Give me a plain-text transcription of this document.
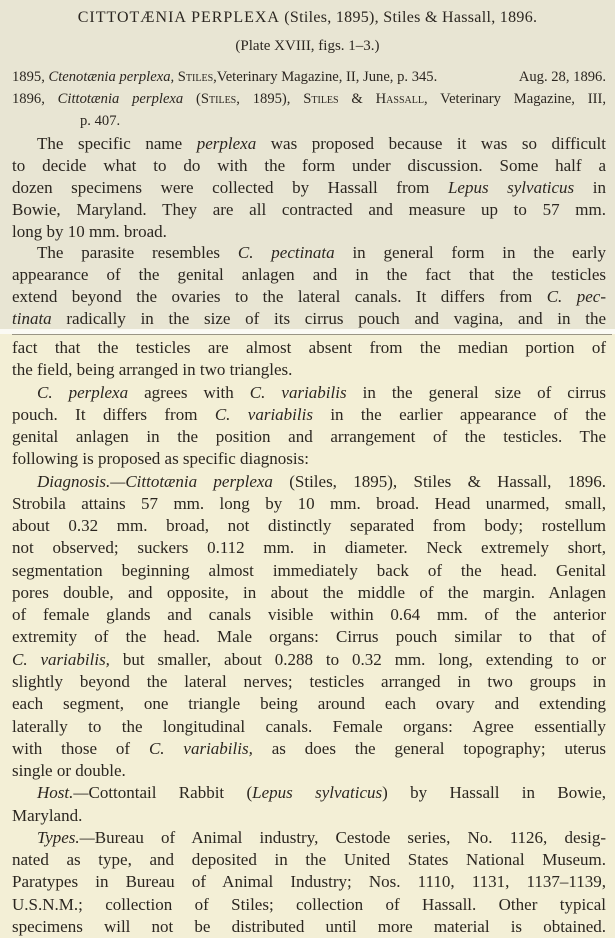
CITTOTÆNIA PERPLEXA (Stiles, 1895), Stiles & Hassall, 1896.
(Plate XVIII, figs. 1–3.)
Aug. 28, 1896.
1895, Ctenotænia perplexa, Stiles,Veterinary Magazine, II, June, p. 345.
1896, Cittotænia perplexa (Stiles, 1895), Stiles & Hassall, Veterinary Magazine, III,
p. 407.
The specific name perplexa was proposed because it was so difficult
to decide what to do with the form under discussion. Some half a
dozen specimens were collected by Hassall from Lepus sylvaticus in
Bowie, Maryland. They are all contracted and measure up to 57 mm.
long by 10 mm. broad.
The parasite resembles C. pectinata in general form in the early
appearance of the genital anlagen and in the fact that the testicles
extend beyond the ovaries to the lateral canals. It differs from C. pec-
tinata radically in the size of its cirrus pouch and vagina, and in the
fact that the testicles are almost absent from the median portion of
the field, being arranged in two triangles.
C. perplexa agrees with C. variabilis in the general size of cirrus
pouch. It differs from C. variabilis in the earlier appearance of the
genital anlagen in the position and arrangement of the testicles. The
following is proposed as specific diagnosis:
Diagnosis.—Cittotænia perplexa (Stiles, 1895), Stiles & Hassall, 1896.
Strobila attains 57 mm. long by 10 mm. broad. Head unarmed, small,
about 0.32 mm. broad, not distinctly separated from body; rostellum
not observed; suckers 0.112 mm. in diameter. Neck extremely short,
segmentation beginning almost immediately back of the head. Genital
pores double, and opposite, in about the middle of the margin. Anlagen
of female glands and canals visible within 0.64 mm. of the anterior
extremity of the head. Male organs: Cirrus pouch similar to that of
C. variabilis, but smaller, about 0.288 to 0.32 mm. long, extending to or
slightly beyond the lateral nerves; testicles arranged in two groups in
each segment, one triangle being around each ovary and extending
laterally to the longitudinal canals. Female organs: Agree essentially
with those of C. variabilis, as does the general topography; uterus
single or double.
Host.—Cottontail Rabbit (Lepus sylvaticus) by Hassall in Bowie,
Maryland.
Types.—Bureau of Animal industry, Cestode series, No. 1126, desig-
nated as type, and deposited in the United States National Museum.
Paratypes in Bureau of Animal Industry; Nos. 1110, 1131, 1137–1139,
U.S.N.M.; collection of Stiles; collection of Hassall. Other typical
specimens will not be distributed until more material is obtained.
